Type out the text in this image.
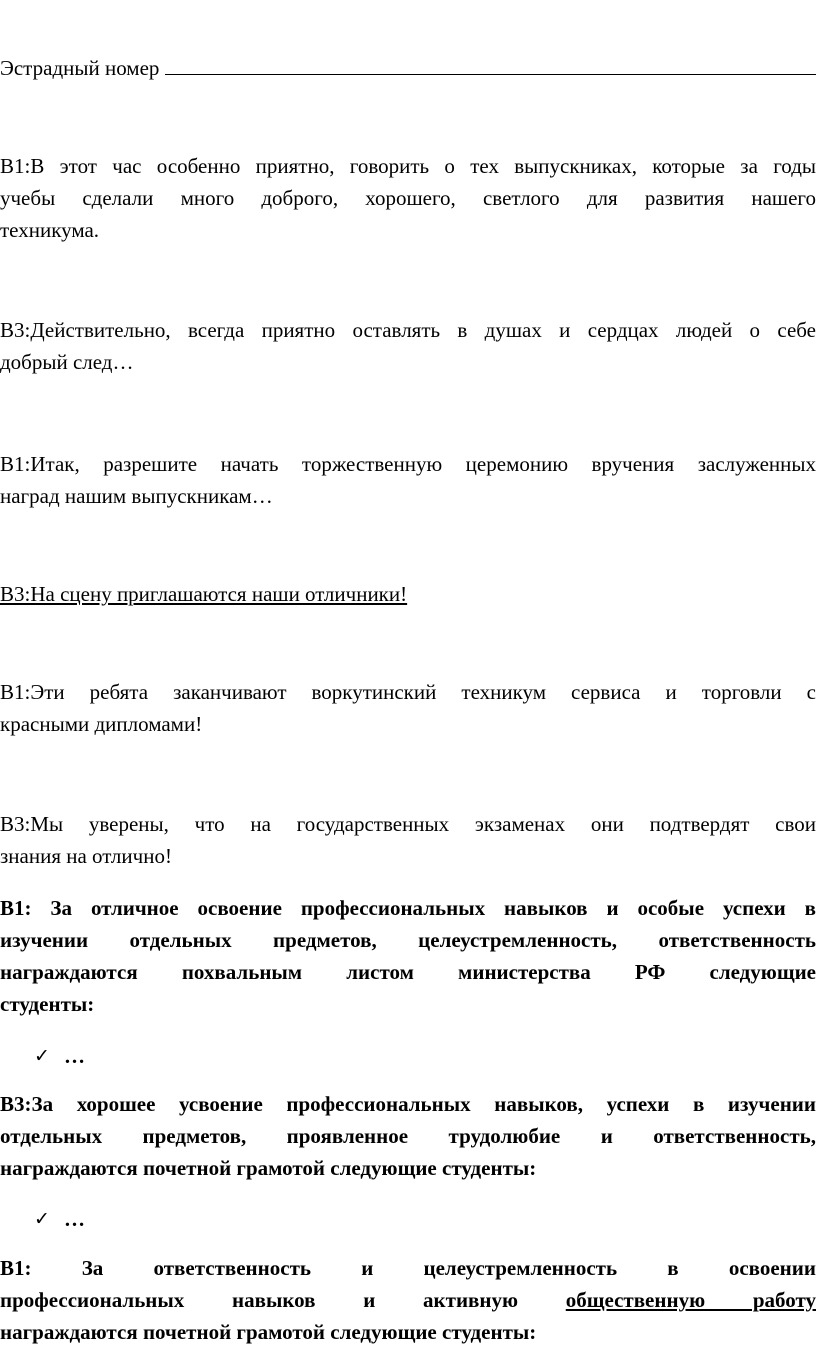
Эстрадный номер
В1:В этот час особенно приятно, говорить о тех выпускниках, которые за годы
учебы сделали много доброго, хорошего, светлого для развития нашего
техникума.
В3:Действительно, всегда приятно оставлять в душах и сердцах людей о себе
добрый след…
В1:Итак, разрешите начать торжественную церемонию вручения заслуженных
наград нашим выпускникам…
В3:На сцену приглашаются наши отличники!
В1:Эти ребята заканчивают воркутинский техникум сервиса и торговли с
красными дипломами!
В3:Мы уверены, что на государственных экзаменах они подтвердят свои
знания на отлично!
В1: За отличное освоение профессиональных навыков и особые успехи в
изучении отдельных предметов, целеустремленность, ответственность
награждаются похвальным листом министерства РФ следующие
студенты:
✓ …
В3:За хорошее усвоение профессиональных навыков, успехи в изучении
отдельных предметов, проявленное трудолюбие и ответственность,
награждаются почетной грамотой следующие студенты:
✓ …
В1: За ответственность и целеустремленность в освоении
профессиональных навыков и активную общественную работу
награждаются почетной грамотой следующие студенты:
